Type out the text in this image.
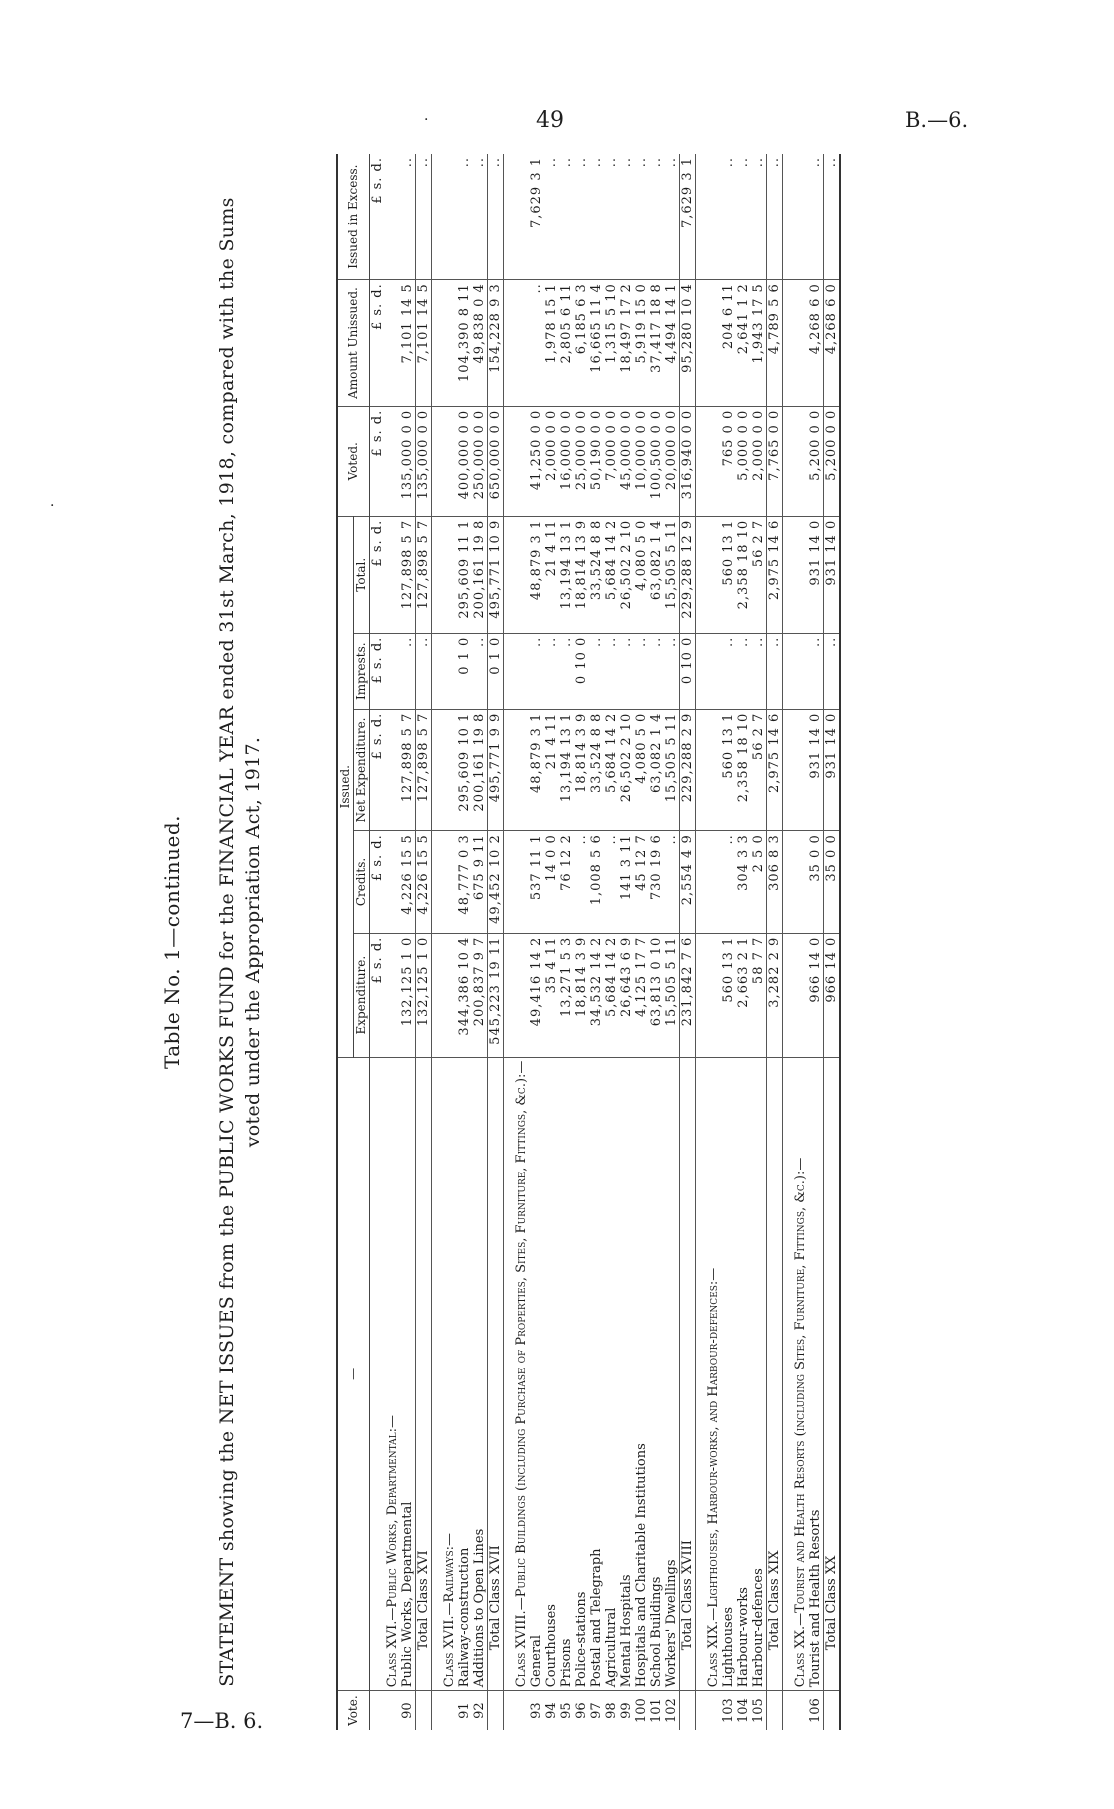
49	B.—6.
7—B. 6.
·
·
Table No. 1—continued. STATEMENT showing the NET ISSUES from the PUBLIC WORKS FUND for the FINANCIAL YEAR ended 31st March, 1918, compared with the Sums voted under the Appropriation Act, 1917.
Vote.	—	Issued.					Voted.	Amount Unissued.	Issued in Excess.
		Expenditure.	Credits.	Net Expenditure.	Imprests.	Total.			
		£ s. d.	£ s. d.	£ s. d.	£ s. d.	£ s. d.	£ s. d.	£ s. d.	£ s. d.
	Class XVI.—Public Works, Departmental:—								
90	Public Works, Departmental	132,125 1 0	4,226 15 5	127,898 5 7	..	127,898 5 7	135,000 0 0	7,101 14 5	..
	Total Class XVI	132,125 1 0	4,226 15 5	127,898 5 7	..	127,898 5 7	135,000 0 0	7,101 14 5	..

	Class XVII.—Railways:—								
91	Railway-construction	344,386 10 4	48,777 0 3	295,609 10 1	0 1 0	295,609 11 1	400,000 0 0	104,390 8 11	..
92	Additions to Open Lines	200,837 9 7	675 9 11	200,161 19 8	..	200,161 19 8	250,000 0 0	49,838 0 4	..
	Total Class XVII	545,223 19 11	49,452 10 2	495,771 9 9	0 1 0	495,771 10 9	650,000 0 0	154,228 9 3	..

	Class XVIII.—Public Buildings (including Purchase of Properties, Sites, Furniture, Fittings, &c.):—								
93	General	49,416 14 2	537 11 1	48,879 3 1	..	48,879 3 1	41,250 0 0	..	7,629 3 1
94	Courthouses	35 4 11	14 0 0	21 4 11	..	21 4 11	2,000 0 0	1,978 15 1	..
95	Prisons	13,271 5 3	76 12 2	13,194 13 1	..	13,194 13 1	16,000 0 0	2,805 6 11	..
96	Police-stations	18,814 3 9	..	18,814 3 9	0 10 0	18,814 13 9	25,000 0 0	6,185 6 3	..
97	Postal and Telegraph	34,532 14 2	1,008 5 6	33,524 8 8	..	33,524 8 8	50,190 0 0	16,665 11 4	..
98	Agricultural	5,684 14 2	..	5,684 14 2	..	5,684 14 2	7,000 0 0	1,315 5 10	..
99	Mental Hospitals	26,643 6 9	141 3 11	26,502 2 10	..	26,502 2 10	45,000 0 0	18,497 17 2	..
100	Hospitals and Charitable Institutions	4,125 17 7	45 12 7	4,080 5 0	..	4,080 5 0	10,000 0 0	5,919 15 0	..
101	School Buildings	63,813 0 10	730 19 6	63,082 1 4	..	63,082 1 4	100,500 0 0	37,417 18 8	..
102	Workers' Dwellings	15,505 5 11	..	15,505 5 11	..	15,505 5 11	20,000 0 0	4,494 14 1	..
	Total Class XVIII	231,842 7 6	2,554 4 9	229,288 2 9	0 10 0	229,288 12 9	316,940 0 0	95,280 10 4	7,629 3 1

	Class XIX.—Lighthouses, Harbour-works, and Harbour-defences:—								
103	Lighthouses	560 13 1	..	560 13 1	..	560 13 1	765 0 0	204 6 11	..
104	Harbour-works	2,663 2 1	304 3 3	2,358 18 10	..	2,358 18 10	5,000 0 0	2,641 1 2	..
105	Harbour-defences	58 7 7	2 5 0	56 2 7	..	56 2 7	2,000 0 0	1,943 17 5	..
	Total Class XIX	3,282 2 9	306 8 3	2,975 14 6	..	2,975 14 6	7,765 0 0	4,789 5 6	..

	Class XX.—Tourist and Health Resorts (including Sites, Furniture, Fittings, &c.):—								
106	Tourist and Health Resorts	966 14 0	35 0 0	931 14 0	..	931 14 0	5,200 0 0	4,268 6 0	..
	Total Class XX	966 14 0	35 0 0	931 14 0	..	931 14 0	5,200 0 0	4,268 6 0	..
